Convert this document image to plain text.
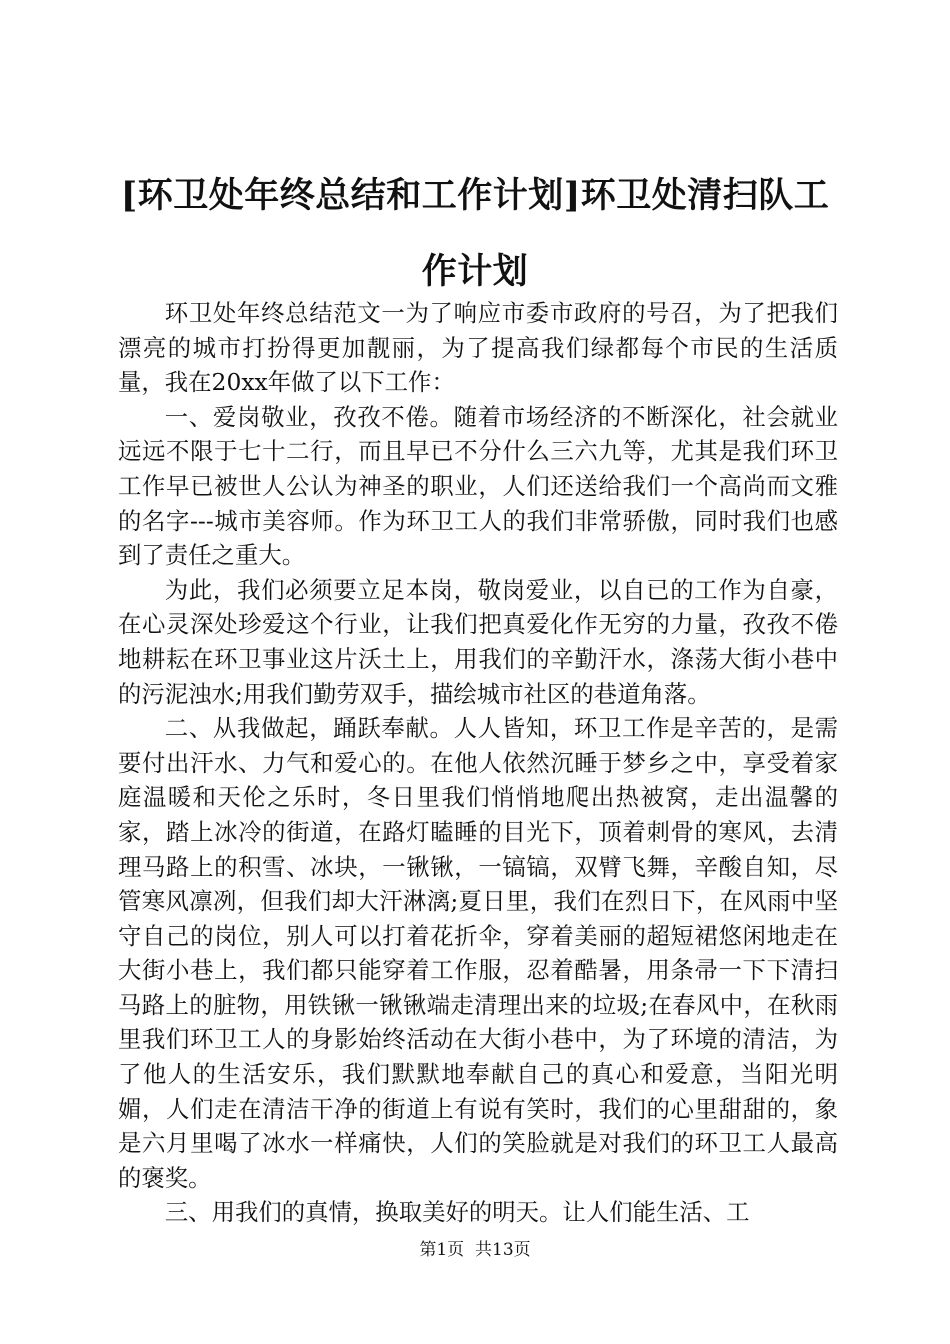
[环卫处年终总结和工作计划]环卫处清扫队工作计划

环卫处年终总结范文一为了响应市委市政府的号召，为了把我们漂亮的城市打扮得更加靓丽，为了提高我们绿都每个市民的生活质量，我在20xx年做了以下工作：

一、爱岗敬业，孜孜不倦。随着市场经济的不断深化，社会就业远远不限于七十二行，而且早已不分什么三六九等，尤其是我们环卫工作早已被世人公认为神圣的职业，人们还送给我们一个高尚而文雅的名字---城市美容师。作为环卫工人的我们非常骄傲，同时我们也感到了责任之重大。

为此，我们必须要立足本岗，敬岗爱业，以自已的工作为自豪，在心灵深处珍爱这个行业，让我们把真爱化作无穷的力量，孜孜不倦地耕耘在环卫事业这片沃土上，用我们的辛勤汗水，涤荡大街小巷中的污泥浊水;用我们勤劳双手，描绘城市社区的巷道角落。

二、从我做起，踊跃奉献。人人皆知，环卫工作是辛苦的，是需要付出汗水、力气和爱心的。在他人依然沉睡于梦乡之中，享受着家庭温暖和天伦之乐时，冬日里我们悄悄地爬出热被窝，走出温馨的家，踏上冰冷的街道，在路灯瞌睡的目光下，顶着刺骨的寒风，去清理马路上的积雪、冰块，一锹锹，一镐镐，双臂飞舞，辛酸自知，尽管寒风凛冽，但我们却大汗淋漓;夏日里，我们在烈日下，在风雨中坚守自己的岗位，别人可以打着花折伞，穿着美丽的超短裙悠闲地走在大街小巷上，我们都只能穿着工作服，忍着酷暑，用条帚一下下清扫马路上的脏物，用铁锹一锹锹端走清理出来的垃圾;在春风中，在秋雨里我们环卫工人的身影始终活动在大街小巷中，为了环境的清洁，为了他人的生活安乐，我们默默地奉献自己的真心和爱意，当阳光明媚，人们走在清洁干净的街道上有说有笑时，我们的心里甜甜的，象是六月里喝了冰水一样痛快，人们的笑脸就是对我们的环卫工人最高的褒奖。

三、用我们的真情，换取美好的明天。让人们能生活、工

第1页 共13页
